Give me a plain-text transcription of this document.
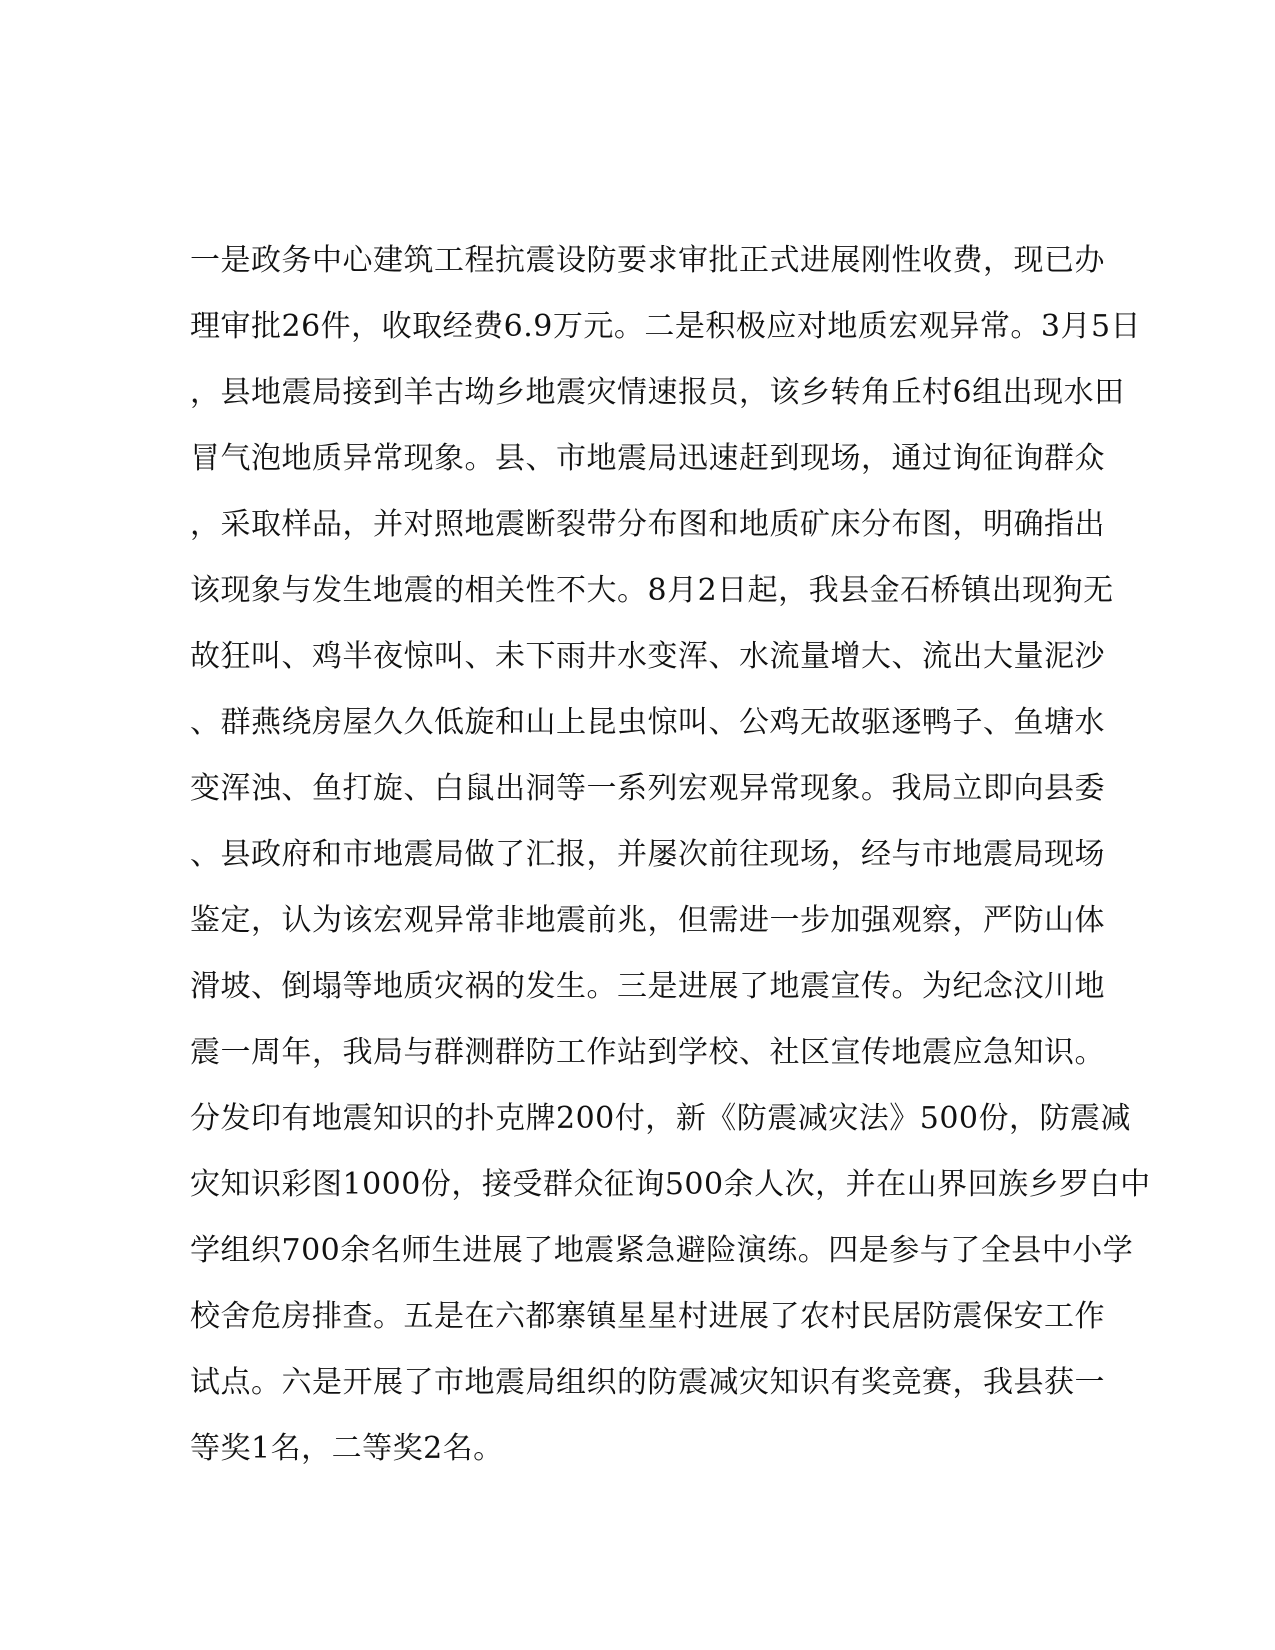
一是政务中心建筑工程抗震设防要求审批正式进展刚性收费，现已办
理审批26件，收取经费6.9万元。二是积极应对地质宏观异常。3月5日
，县地震局接到羊古坳乡地震灾情速报员，该乡转角丘村6组出现水田
冒气泡地质异常现象。县、市地震局迅速赶到现场，通过询征询群众
，采取样品，并对照地震断裂带分布图和地质矿床分布图，明确指出
该现象与发生地震的相关性不大。8月2日起，我县金石桥镇出现狗无
故狂叫、鸡半夜惊叫、未下雨井水变浑、水流量增大、流出大量泥沙
、群燕绕房屋久久低旋和山上昆虫惊叫、公鸡无故驱逐鸭子、鱼塘水
变浑浊、鱼打旋、白鼠出洞等一系列宏观异常现象。我局立即向县委
、县政府和市地震局做了汇报，并屡次前往现场，经与市地震局现场
鉴定，认为该宏观异常非地震前兆，但需进一步加强观察，严防山体
滑坡、倒塌等地质灾祸的发生。三是进展了地震宣传。为纪念汶川地
震一周年，我局与群测群防工作站到学校、社区宣传地震应急知识。
分发印有地震知识的扑克牌200付，新《防震减灾法》500份，防震减
灾知识彩图1000份，接受群众征询500余人次，并在山界回族乡罗白中
学组织700余名师生进展了地震紧急避险演练。四是参与了全县中小学
校舍危房排查。五是在六都寨镇星星村进展了农村民居防震保安工作
试点。六是开展了市地震局组织的防震减灾知识有奖竞赛，我县获一
等奖1名，二等奖2名。
